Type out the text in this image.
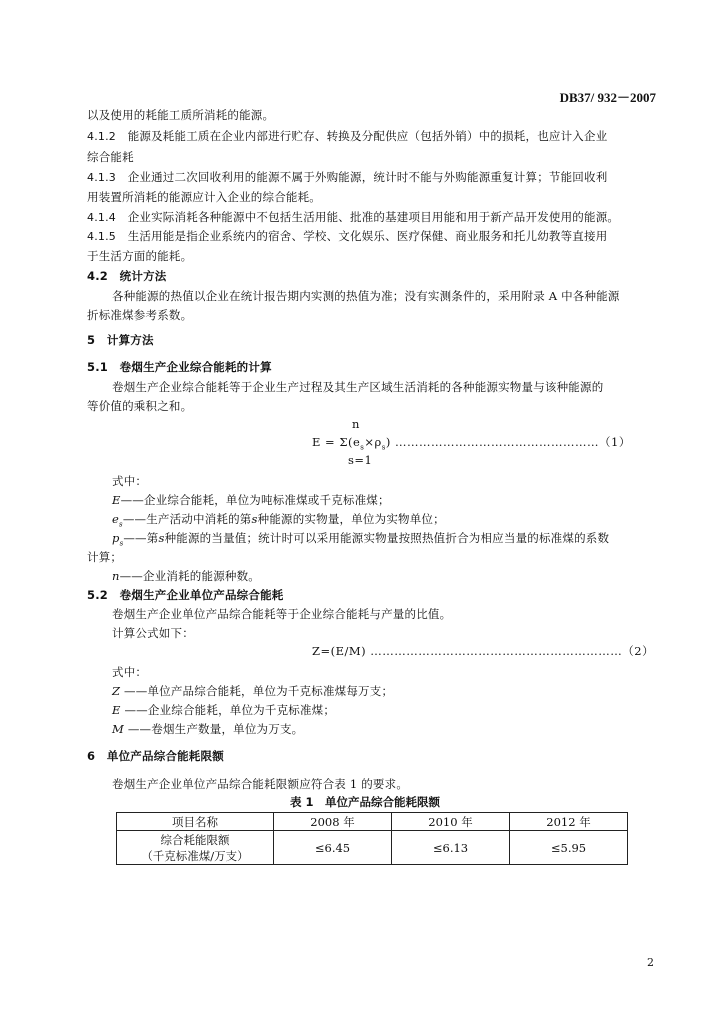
DB37/ 932－2007
以及使用的耗能工质所消耗的能源。
4.1.2　 能源及耗能工质在企业内部进行贮存、转换及分配供应（包括外销）中的损耗，也应计入企业
综合能耗
4.1.3　 企业通过二次回收利用的能源不属于外购能源，统计时不能与外购能源重复计算；节能回收利
用装置所消耗的能源应计入企业的综合能耗。
4.1.4　 企业实际消耗各种能源中不包括生活用能、批准的基建项目用能和用于新产品开发使用的能源。
4.1.5　 生活用能是指企业系统内的宿舍、学校、文化娱乐、医疗保健、商业服务和托儿幼教等直接用
于生活方面的能耗。
4.2　统计方法
各种能源的热值以企业在统计报告期内实测的热值为准；没有实测条件的，采用附录 A 中各种能源
折标准煤参考系数。
5　计算方法
5.1　卷烟生产企业综合能耗的计算
卷烟生产企业综合能耗等于企业生产过程及其生产区域生活消耗的各种能源实物量与该种能源的
等价值的乘积之和。
n
$E = \Sigma(e_s\times\rho_s)$ ……………………………………………（1）
s=1
式中：
E——企业综合能耗，单位为吨标准煤或千克标准煤；
$e_s——$生产活动中消耗的第s种能源的实物量，单位为实物单位；
$p_s——$第s种能源的当量值；统计时可以采用能源实物量按照热值折合为相应当量的标准煤的系数
计算；
n——企业消耗的能源种数。
5.2　卷烟生产企业单位产品综合能耗
卷烟生产企业单位产品综合能耗等于企业综合能耗与产量的比值。
计算公式如下：
Z=(E/M) ………………………………………………………（2）
式中：
Z ——单位产品综合能耗，单位为千克标准煤每万支；
E ——企业综合能耗，单位为千克标准煤；
M ——卷烟生产数量，单位为万支。
6　单位产品综合能耗限额
卷烟生产企业单位产品综合能耗限额应符合表 1 的要求。
表 1　单位产品综合能耗限额
项目名称	2008 年	2010 年	2012 年

综合耗能限额
（千克标准煤/万支）	≤6.45	≤6.13	≤5.95
2
